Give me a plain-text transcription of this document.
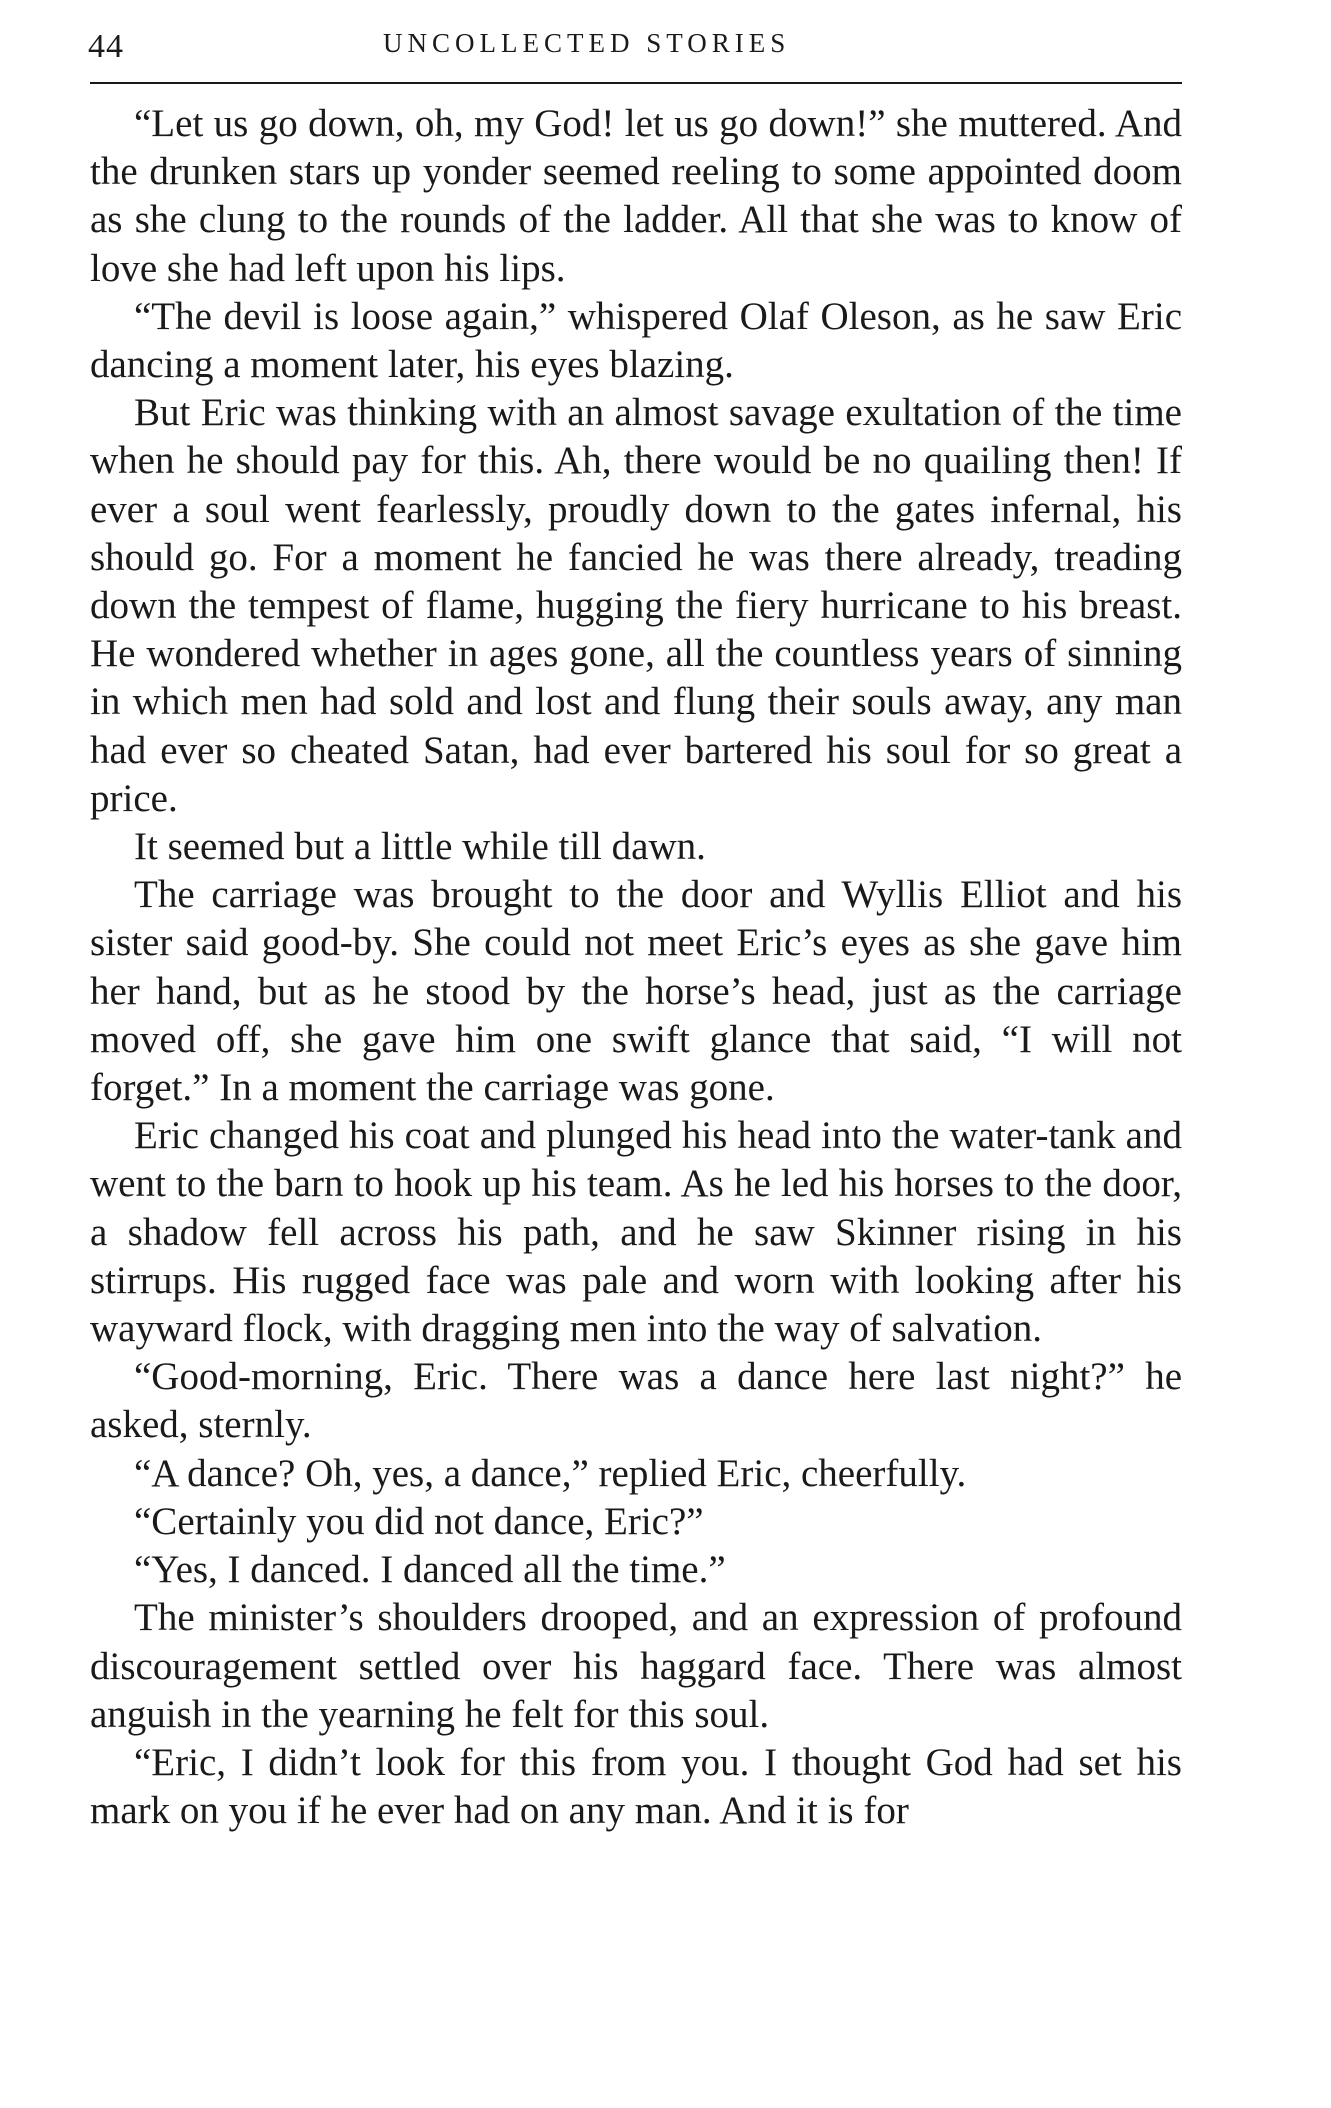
44	UNCOLLECTED STORIES

“Let us go down, oh, my God! let us go down!” she muttered. And the drunken stars up yonder seemed reeling to some appointed doom as she clung to the rounds of the ladder. All that she was to know of love she had left upon his lips.

“The devil is loose again,” whispered Olaf Oleson, as he saw Eric dancing a moment later, his eyes blazing.

But Eric was thinking with an almost savage exultation of the time when he should pay for this. Ah, there would be no quailing then! If ever a soul went fearlessly, proudly down to the gates infernal, his should go. For a moment he fancied he was there already, treading down the tempest of flame, hugging the fiery hurricane to his breast. He wondered whether in ages gone, all the countless years of sinning in which men had sold and lost and flung their souls away, any man had ever so cheated Satan, had ever bartered his soul for so great a price.

It seemed but a little while till dawn.

The carriage was brought to the door and Wyllis Elliot and his sister said good-by. She could not meet Eric’s eyes as she gave him her hand, but as he stood by the horse’s head, just as the carriage moved off, she gave him one swift glance that said, “I will not forget.” In a moment the carriage was gone.

Eric changed his coat and plunged his head into the water-tank and went to the barn to hook up his team. As he led his horses to the door, a shadow fell across his path, and he saw Skinner rising in his stirrups. His rugged face was pale and worn with looking after his wayward flock, with dragging men into the way of salvation.

“Good-morning, Eric. There was a dance here last night?” he asked, sternly.

“A dance? Oh, yes, a dance,” replied Eric, cheerfully.

“Certainly you did not dance, Eric?”

“Yes, I danced. I danced all the time.”

The minister’s shoulders drooped, and an expression of profound discouragement settled over his haggard face. There was almost anguish in the yearning he felt for this soul.

“Eric, I didn’t look for this from you. I thought God had set his mark on you if he ever had on any man. And it is for
